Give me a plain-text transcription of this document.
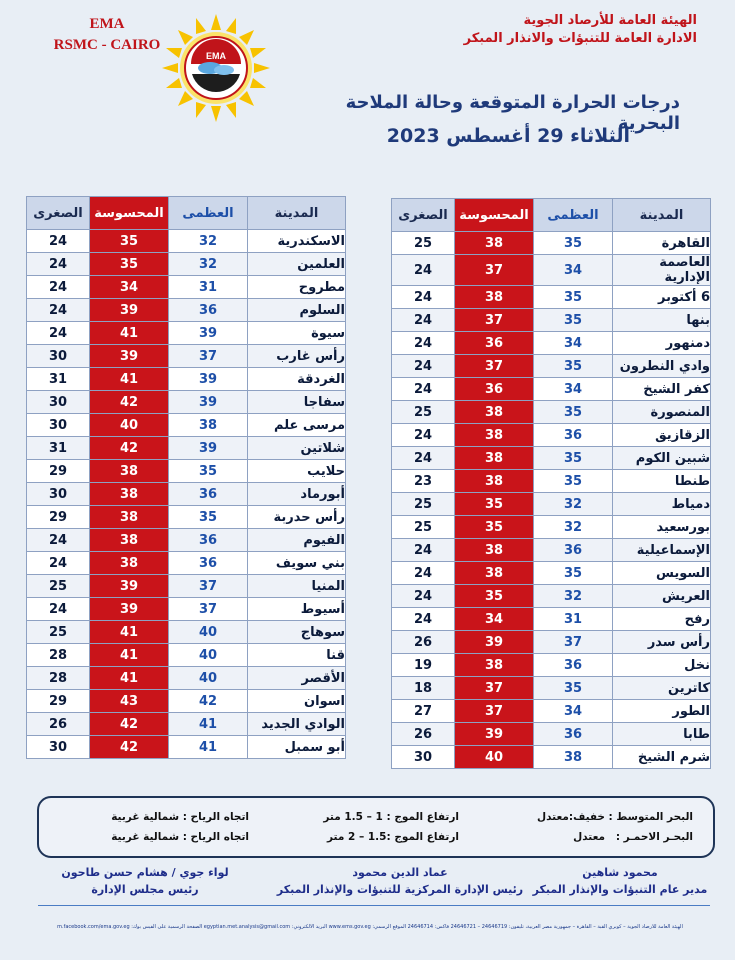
EMA
RSMC - CAIRO
EMA
الهيئة العامة للأرصاد الجوية
الادارة العامة للتنبؤات والانذار المبكر
درجات الحرارة المتوقعة وحالة الملاحة البحرية
الثلاثاء 29 أغسطس 2023
المدينة	العظمى	المحسوسة	الصغرى
القاهرة	35	38	25
العاصمة الإدارية	34	37	24
6 أكتوبر	35	38	24
بنها	35	37	24
دمنهور	34	36	24
وادي النطرون	35	37	24
كفر الشيخ	34	36	24
المنصورة	35	38	25
الزقازيق	36	38	24
شبين الكوم	35	38	24
طنطا	35	38	23
دمياط	32	35	25
بورسعيد	32	35	25
الإسماعيلية	36	38	24
السويس	35	38	24
العريش	32	35	24
رفح	31	34	24
رأس سدر	37	39	26
نخل	36	38	19
كاترين	35	37	18
الطور	34	37	27
طابا	36	39	26
شرم الشيخ	38	40	30
المدينة	العظمى	المحسوسة	الصغرى
الاسكندرية	32	35	24
العلمين	32	35	24
مطروح	31	34	24
السلوم	36	39	24
سيوة	39	41	24
رأس غارب	37	39	30
الغردقة	39	41	31
سفاجا	39	42	30
مرسى علم	38	40	30
شلاتين	39	42	31
حلايب	35	38	29
أبورماد	36	38	30
رأس حدربة	35	38	29
الفيوم	36	38	24
بني سويف	36	38	24
المنيا	37	39	25
أسيوط	37	39	24
سوهاج	40	41	25
قنا	40	41	28
الأقصر	40	41	28
اسوان	42	43	29
الوادي الجديد	41	42	26
أبو سمبل	41	42	30
البحر المتوسط :
خفيف:معتدل
ارتفاع الموج : 1 – 1.5 متر
اتجاه الرياح : شمالية غربية
البحـر الاحمـر :
معتدل
ارتفاع الموج :1.5 – 2 متر
اتجاه الرياح : شمالية غربية
محمود شاهين
مدير عام التنبؤات والإنذار المبكر
عماد الدين محمود
رئيس الإدارة المركزية للتنبؤات والإنذار المبكر
لواء جوي / هشام حسن طاحون
رئيس مجلس الإدارة
الهيئة العامة للأرصاد الجوية – كوبري القبة – القاهرة – جمهورية مصر العربية، تليفون: 24646719 – 24646721 فاكس: 24646714 الموقع الرسمي: www.ems.gov.eg البريد الالكتروني: egyptian.met.analysis@gmail.com الصفحة الرسمية على الفيس بوك: m.facebook.com/ema.gov.eg
